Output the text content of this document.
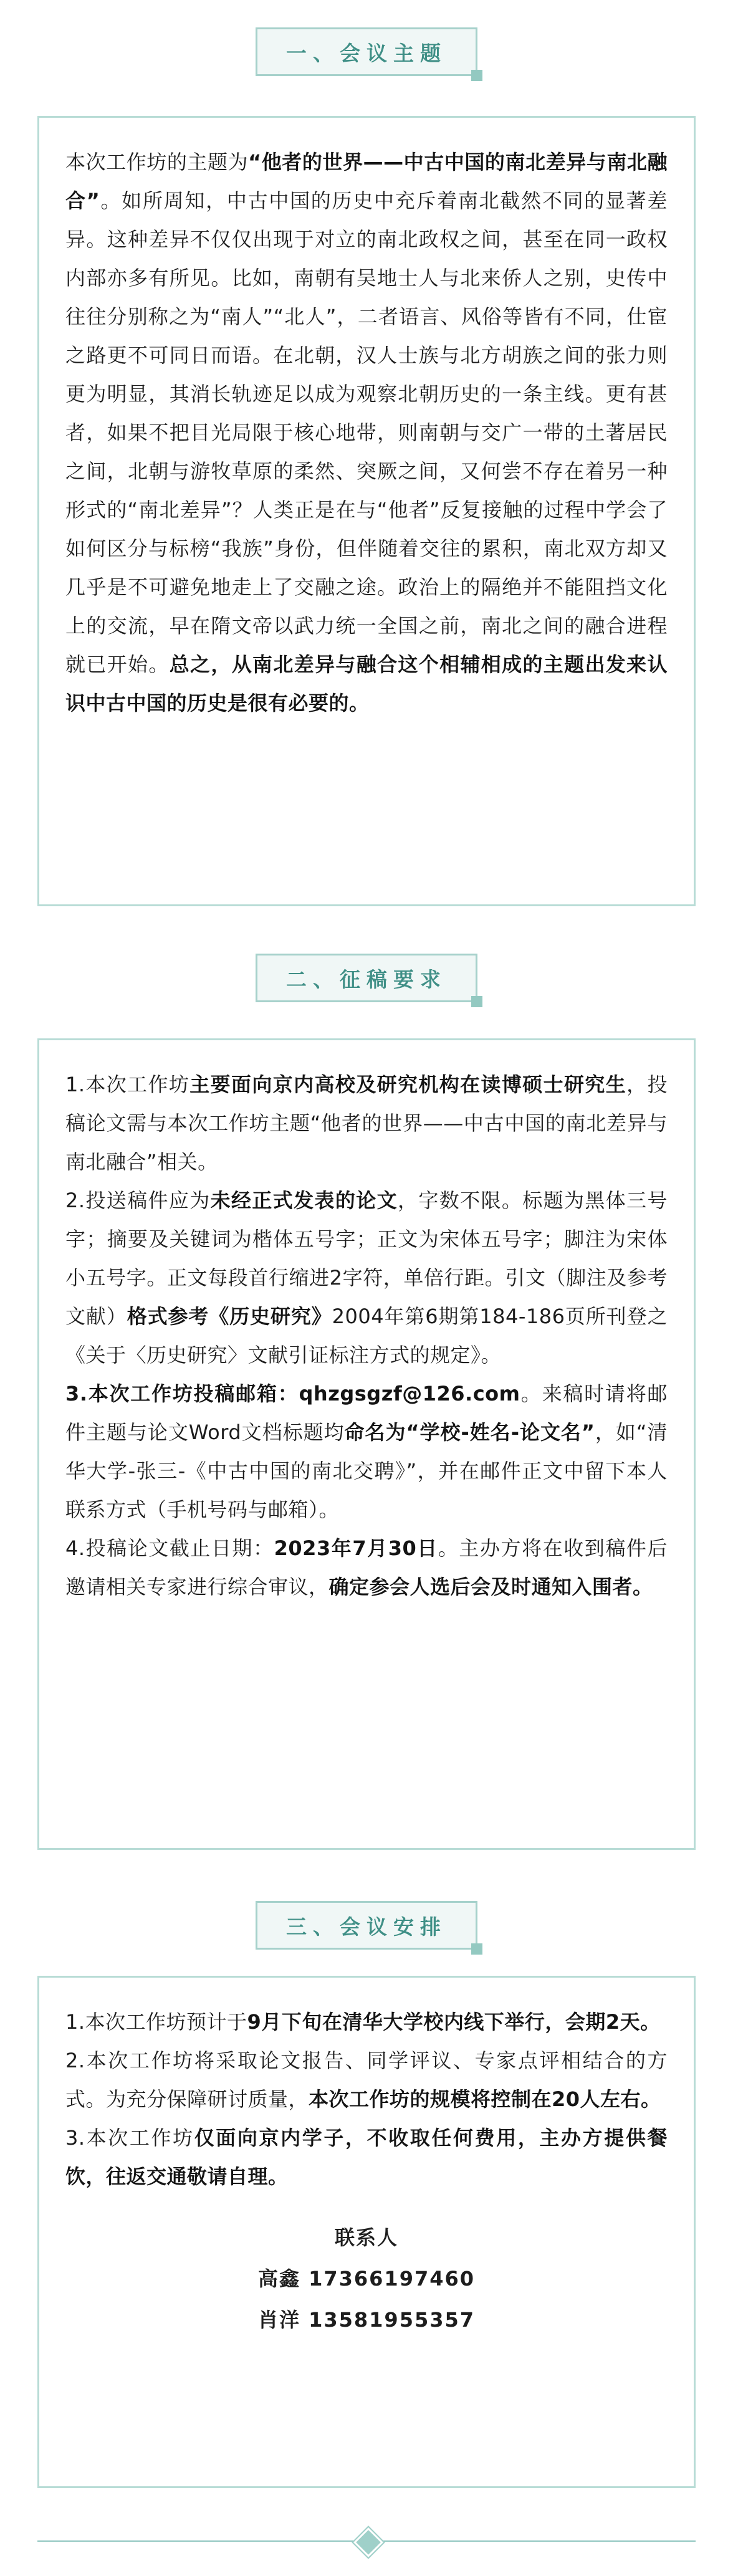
一、会议主题

本次工作坊的主题为“他者的世界——中古中国的南北差异与南北融合”。如所周知，中古中国的历史中充斥着南北截然不同的显著差异。这种差异不仅仅出现于对立的南北政权之间，甚至在同一政权内部亦多有所见。比如，南朝有吴地士人与北来侨人之别，史传中往往分别称之为“南人”“北人”，二者语言、风俗等皆有不同，仕宦之路更不可同日而语。在北朝，汉人士族与北方胡族之间的张力则更为明显，其消长轨迹足以成为观察北朝历史的一条主线。更有甚者，如果不把目光局限于核心地带，则南朝与交广一带的土著居民之间，北朝与游牧草原的柔然、突厥之间，又何尝不存在着另一种形式的“南北差异”？人类正是在与“他者”反复接触的过程中学会了如何区分与标榜“我族”身份，但伴随着交往的累积，南北双方却又几乎是不可避免地走上了交融之途。政治上的隔绝并不能阻挡文化上的交流，早在隋文帝以武力统一全国之前，南北之间的融合进程就已开始。总之，从南北差异与融合这个相辅相成的主题出发来认识中古中国的历史是很有必要的。

二、征稿要求

1.本次工作坊主要面向京内高校及研究机构在读博硕士研究生，投稿论文需与本次工作坊主题“他者的世界——中古中国的南北差异与南北融合”相关。

2.投送稿件应为未经正式发表的论文，字数不限。标题为黑体三号字；摘要及关键词为楷体五号字；正文为宋体五号字；脚注为宋体小五号字。正文每段首行缩进2字符，单倍行距。引文（脚注及参考文献）格式参考《历史研究》2004年第6期第184-186页所刊登之《关于〈历史研究〉文献引证标注方式的规定》。

3.本次工作坊投稿邮箱：qhzgsgzf@126.com。来稿时请将邮件主题与论文Word文档标题均命名为“学校-姓名-论文名”，如“清华大学-张三-《中古中国的南北交聘》”，并在邮件正文中留下本人联系方式（手机号码与邮箱）。

4.投稿论文截止日期：2023年7月30日。主办方将在收到稿件后邀请相关专家进行综合审议，确定参会人选后会及时通知入围者。

三、会议安排

1.本次工作坊预计于9月下旬在清华大学校内线下举行，会期2天。

2.本次工作坊将采取论文报告、同学评议、专家点评相结合的方式。为充分保障研讨质量，本次工作坊的规模将控制在20人左右。

3.本次工作坊仅面向京内学子，不收取任何费用，主办方提供餐饮，往返交通敬请自理。

联系人
高鑫 17366197460
肖洋 13581955357
